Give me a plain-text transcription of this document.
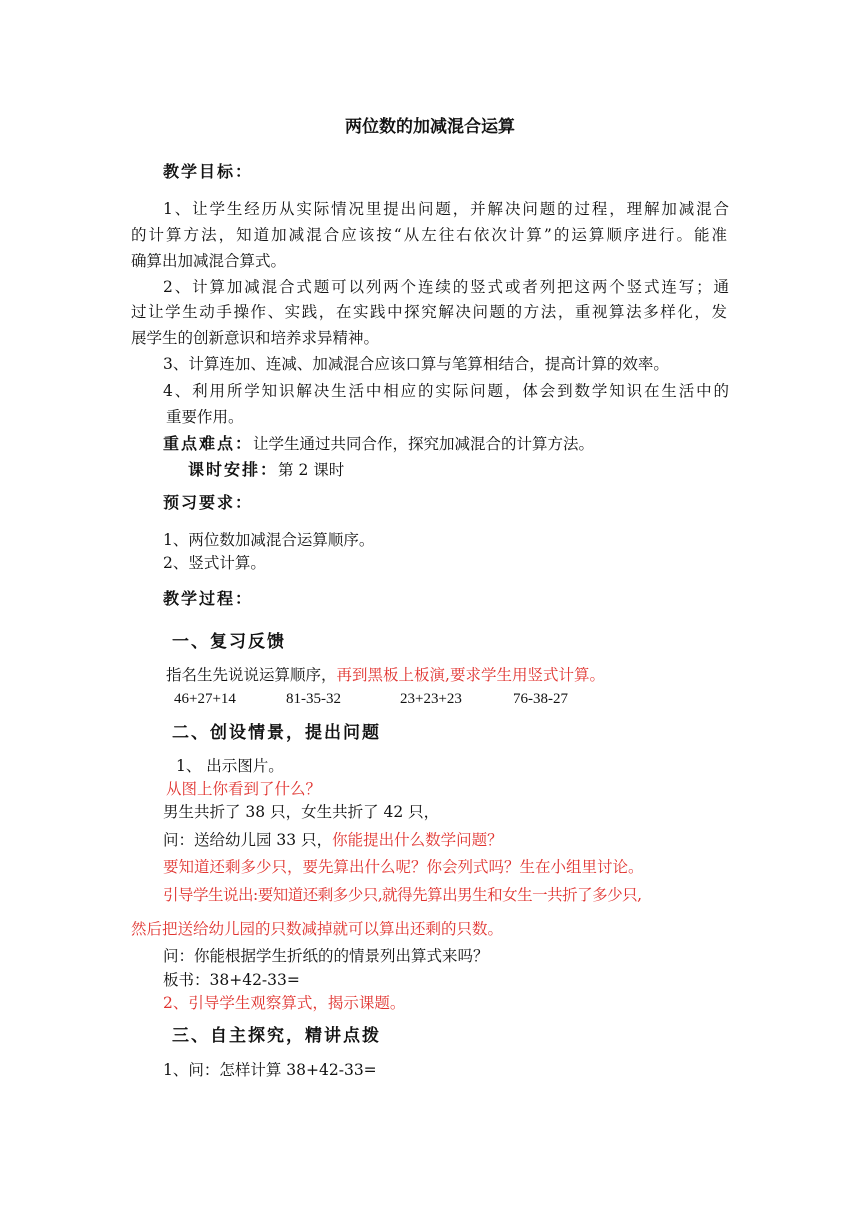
两位数的加减混合运算
教学目标：
1、让学生经历从实际情况里提出问题，并解决问题的过程，理解加减混合
的计算方法，知道加减混合应该按“从左往右依次计算”的运算顺序进行。能准
确算出加减混合算式。
2、计算加减混合式题可以列两个连续的竖式或者列把这两个竖式连写；通
过让学生动手操作、实践，在实践中探究解决问题的方法，重视算法多样化，发
展学生的创新意识和培养求异精神。
3、计算连加、连减、加减混合应该口算与笔算相结合，提高计算的效率。
4、利用所学知识解决生活中相应的实际问题，体会到数学知识在生活中的
重要作用。
重点难点：让学生通过共同合作，探究加减混合的计算方法。
课时安排：第 2 课时
预习要求：
1、两位数加减混合运算顺序。
2、竖式计算。
教学过程：
一、复习反馈
指名生先说说运算顺序，再到黑板上板演,要求学生用竖式计算。
46+27+14	81-35-32	23+23+23	76-38-27
二、创设情景，提出问题
1、 出示图片。
从图上你看到了什么？
男生共折了 38 只，女生共折了 42 只，
问：送给幼儿园 33 只，你能提出什么数学问题？
要知道还剩多少只，要先算出什么呢？你会列式吗？生在小组里讨论。
引导学生说出:要知道还剩多少只,就得先算出男生和女生一共折了多少只,
然后把送给幼儿园的只数减掉就可以算出还剩的只数。
问：你能根据学生折纸的的情景列出算式来吗？
板书：38+42-33=
2、引导学生观察算式，揭示课题。
三、自主探究，精讲点拨
1、问：怎样计算 38+42-33=
